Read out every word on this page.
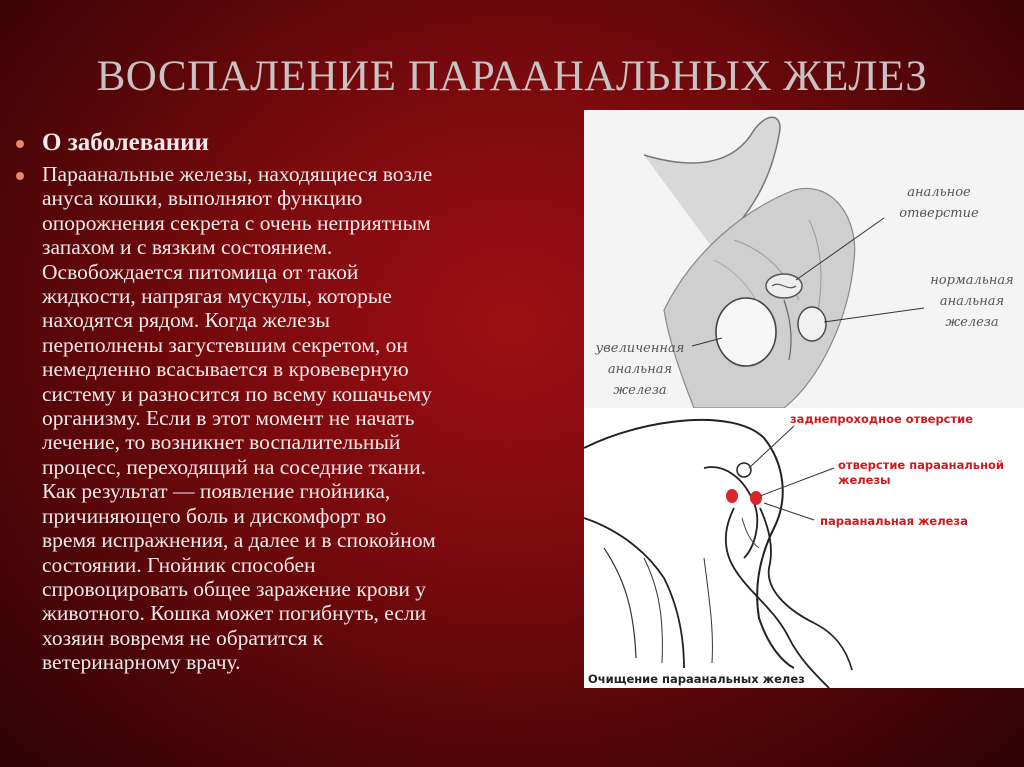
ВОСПАЛЕНИЕ ПАРААНАЛЬНЫХ ЖЕЛЕЗ
О заболевании
Параанальные железы, находящиеся возле
ануса кошки, выполняют функцию
опорожнения секрета с очень неприятным
запахом и с вязким состоянием.
Освобождается питомица от такой
жидкости, напрягая мускулы, которые
находятся рядом. Когда железы
переполнены загустевшим секретом, он
немедленно всасывается в кровеверную
систему и разносится по всему кошачьему
организму. Если в этот момент не начать
лечение, то возникнет воспалительный
процесс, переходящий на соседние ткани.
Как результат — появление гнойника,
причиняющего боль и дискомфорт во
время испражнения, а далее и в спокойном
состоянии. Гнойник способен
спровоцировать общее заражение крови у
животного. Кошка может погибнуть, если
хозяин вовремя не обратится к
ветеринарному врачу.
анальное
отверстие
нормальная
анальная
железа
увеличенная
анальная
железа
заднепроходное отверстие
отверстие параанальной
железы
параанальная железа
Очищение параанальных желез
